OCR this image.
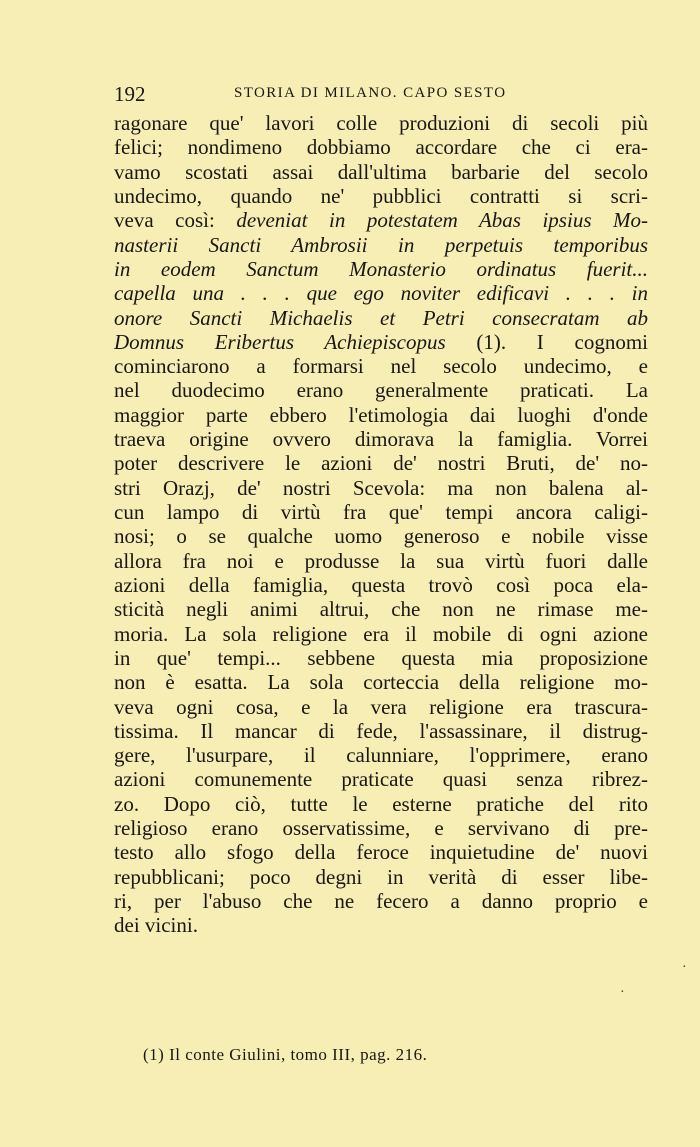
192	STORIA DI MILANO. CAPO SESTO
ragonare que' lavori colle produzioni di secoli più
felici; nondimeno dobbiamo accordare che ci era-
vamo scostati assai dall'ultima barbarie del secolo
undecimo, quando ne' pubblici contratti si scri-
veva così: deveniat in potestatem Abas ipsius Mo-
nasterii Sancti Ambrosii in perpetuis temporibus
in eodem Sanctum Monasterio ordinatus fuerit...
capella una . . . que ego noviter edificavi . . . in
onore Sancti Michaelis et Petri consecratam ab
Domnus Eribertus Achiepiscopus (1). I cognomi
cominciarono a formarsi nel secolo undecimo, e
nel duodecimo erano generalmente praticati. La
maggior parte ebbero l'etimologia dai luoghi d'onde
traeva origine ovvero dimorava la famiglia. Vorrei
poter descrivere le azioni de' nostri Bruti, de' no-
stri Orazj, de' nostri Scevola: ma non balena al-
cun lampo di virtù fra que' tempi ancora caligi-
nosi; o se qualche uomo generoso e nobile visse
allora fra noi e produsse la sua virtù fuori dalle
azioni della famiglia, questa trovò così poca ela-
sticità negli animi altrui, che non ne rimase me-
moria. La sola religione era il mobile di ogni azione
in que' tempi... sebbene questa mia proposizione
non è esatta. La sola corteccia della religione mo-
veva ogni cosa, e la vera religione era trascura-
tissima. Il mancar di fede, l'assassinare, il distrug-
gere, l'usurpare, il calunniare, l'opprimere, erano
azioni comunemente praticate quasi senza ribrez-
zo. Dopo ciò, tutte le esterne pratiche del rito
religioso erano osservatissime, e servivano di pre-
testo allo sfogo della feroce inquietudine de' nuovi
repubblicani; poco degni in verità di esser libe-
ri, per l'abuso che ne fecero a danno proprio e
dei vicini.
(1) Il conte Giulini, tomo III, pag. 216.
·
·
